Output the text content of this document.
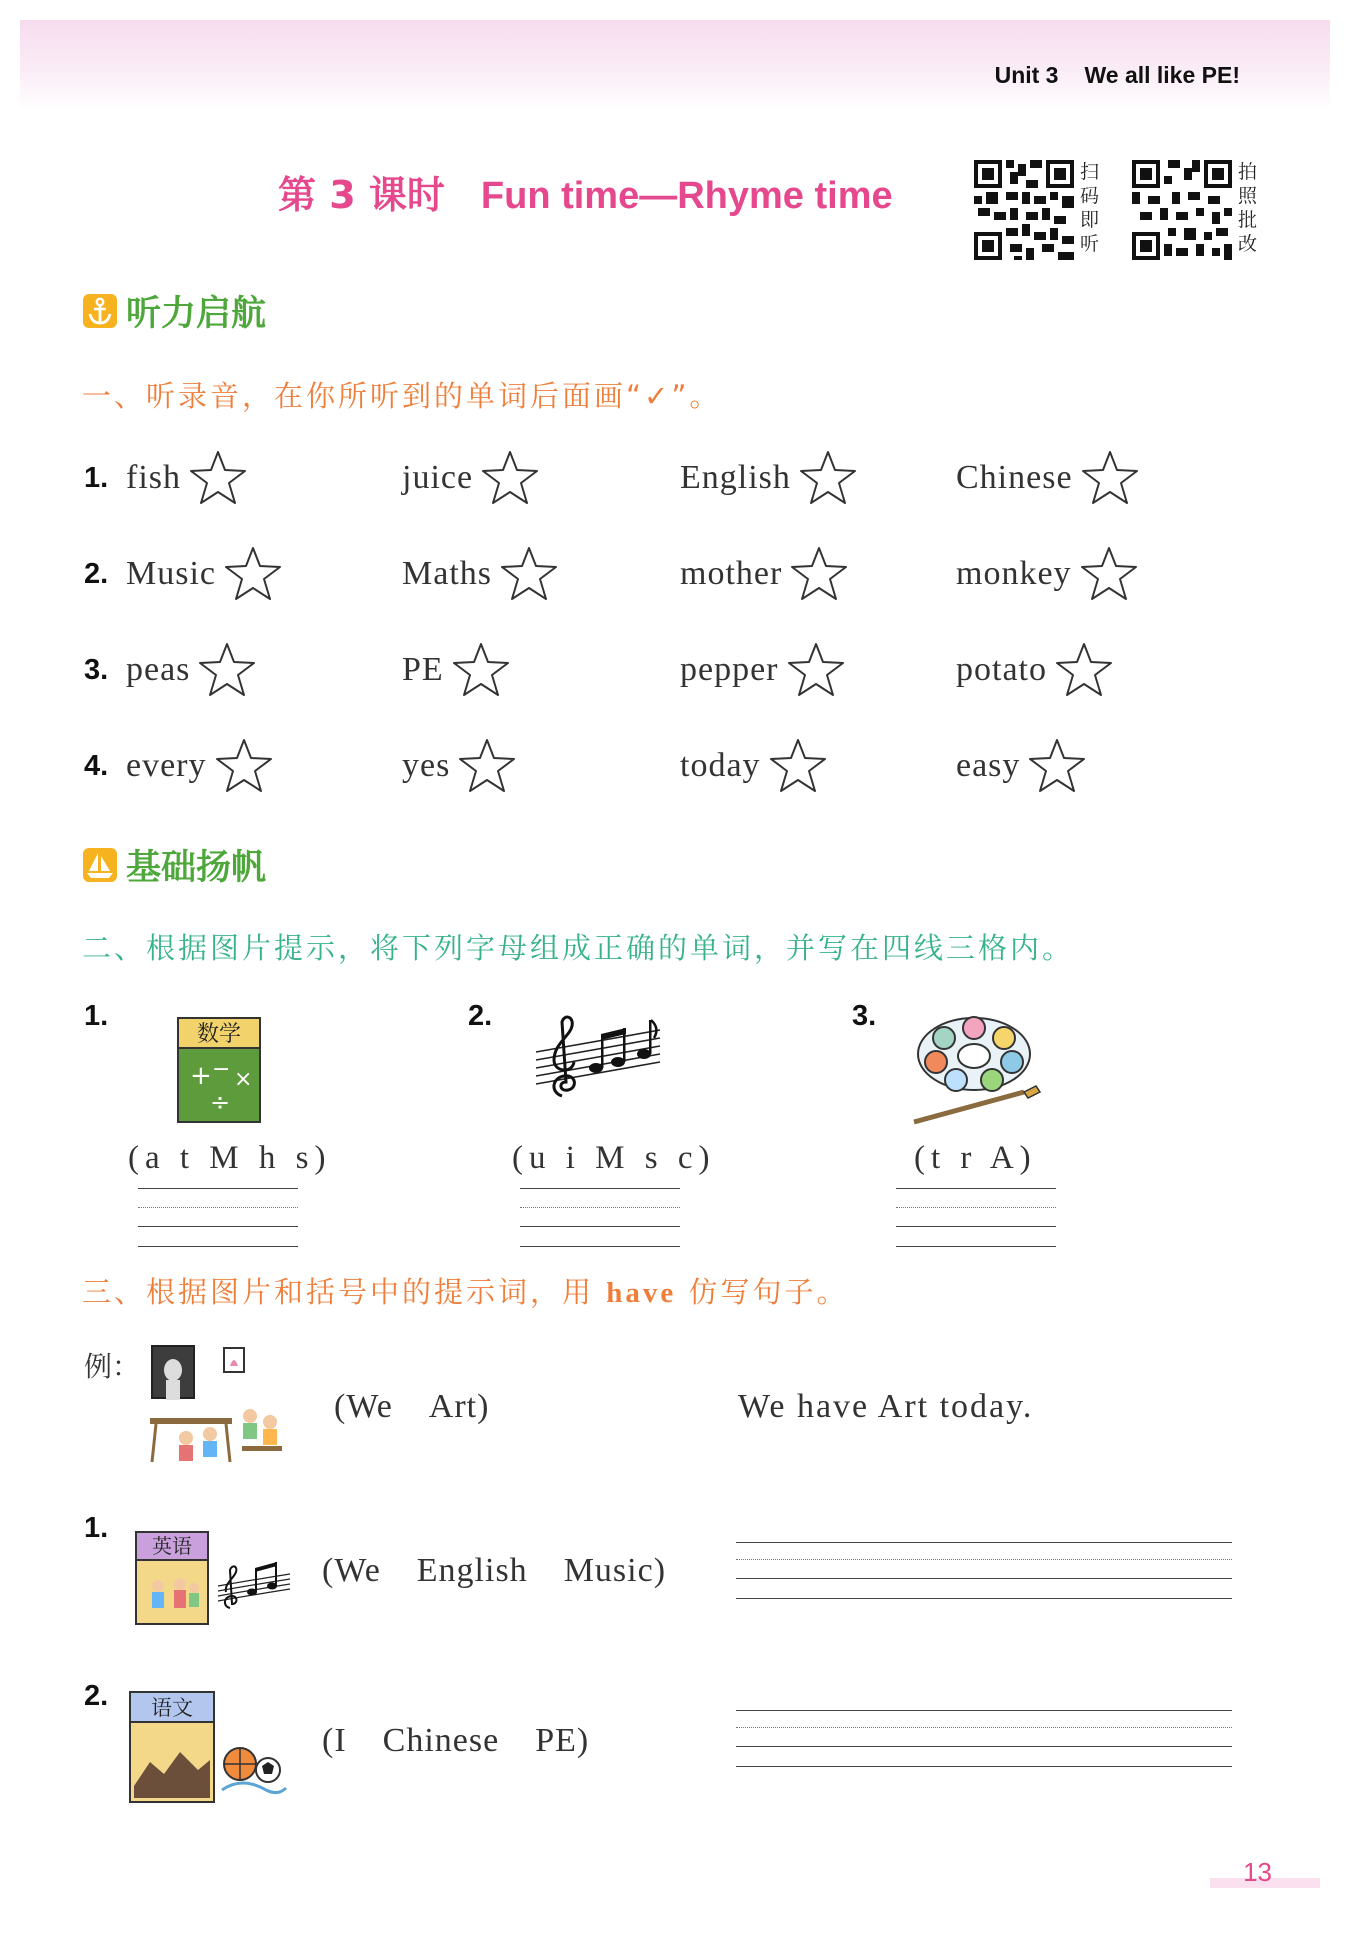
Unit 3 We all like PE!
第 3 课时 Fun time—Rhyme time
扫码即听
拍照批改
听力启航
一、听录音，在你所听到的单词后面画“✓”。
1. fish	juice	English	Chinese
2. Music	Maths	mother	monkey
3. peas	PE	pepper	potato
4. every	yes	today	easy
基础扬帆
二、根据图片提示，将下列字母组成正确的单词，并写在四线三格内。
1.
数学
+ − ×
÷
(a t M h s)
2.
(u i M s c)
3.
(t r A)
三、根据图片和括号中的提示词，用 have 仿写句子。
例：
(We Art)	We have Art today.
1.
英语
(We English Music)
2. 语文
(I Chinese PE)
13
